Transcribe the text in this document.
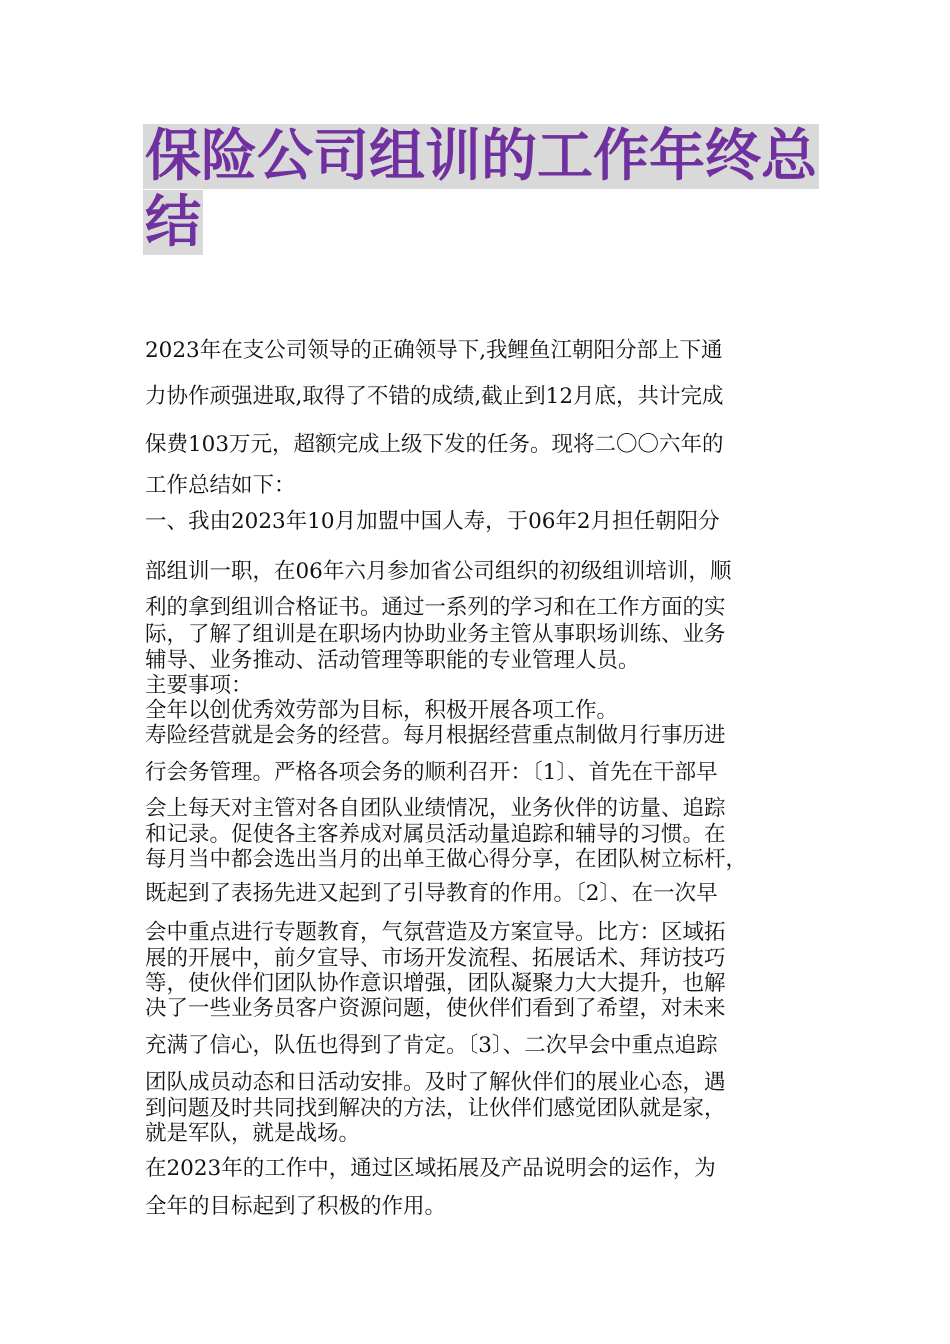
保险公司组训的工作年终总结

2023年在支公司领导的正确领导下,我鲤鱼江朝阳分部上下通

力协作顽强进取,取得了不错的成绩,截止到12月底，共计完成

保费103万元，超额完成上级下发的任务。现将二〇〇六年的

工作总结如下：

一、我由2023年10月加盟中国人寿，于06年2月担任朝阳分

部组训一职，在06年六月参加省公司组织的初级组训培训，顺

利的拿到组训合格证书。通过一系列的学习和在工作方面的实

际，了解了组训是在职场内协助业务主管从事职场训练、业务

辅导、业务推动、活动管理等职能的专业管理人员。

主要事项：

全年以创优秀效劳部为目标，积极开展各项工作。

寿险经营就是会务的经营。每月根据经营重点制做月行事历进

行会务管理。严格各项会务的顺利召开：〔1〕、首先在干部早

会上每天对主管对各自团队业绩情况，业务伙伴的访量、追踪

和记录。促使各主客养成对属员活动量追踪和辅导的习惯。在

每月当中都会选出当月的出单王做心得分享，在团队树立标杆，

既起到了表扬先进又起到了引导教育的作用。〔2〕、在一次早

会中重点进行专题教育，气氛营造及方案宣导。比方：区域拓

展的开展中，前夕宣导、市场开发流程、拓展话术、拜访技巧

等，使伙伴们团队协作意识增强，团队凝聚力大大提升，也解

决了一些业务员客户资源问题，使伙伴们看到了希望，对未来

充满了信心，队伍也得到了肯定。〔3〕、二次早会中重点追踪

团队成员动态和日活动安排。及时了解伙伴们的展业心态，遇

到问题及时共同找到解决的方法，让伙伴们感觉团队就是家，

就是军队，就是战场。

在2023年的工作中，通过区域拓展及产品说明会的运作，为

全年的目标起到了积极的作用。
